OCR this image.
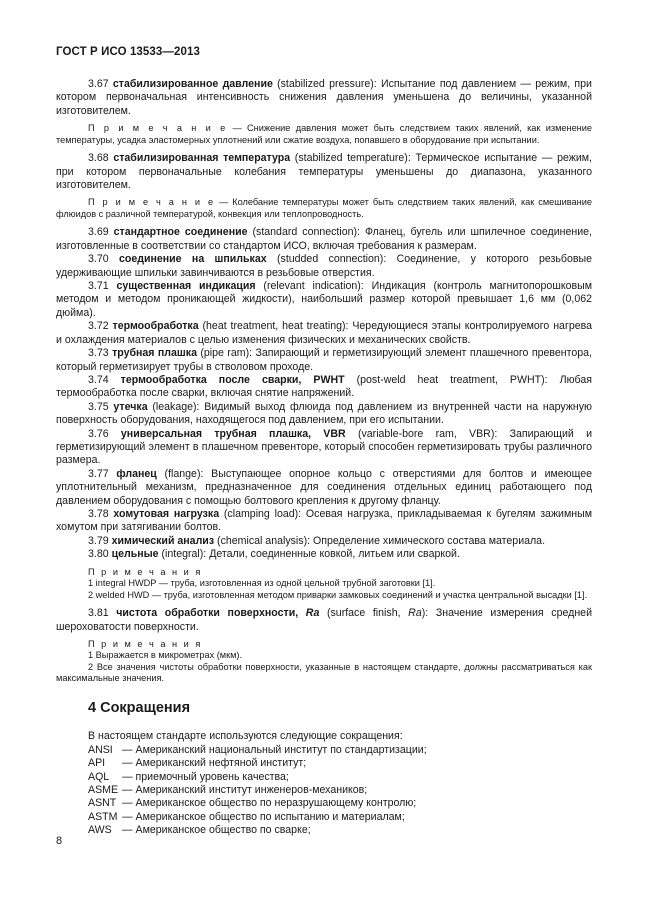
ГОСТ Р ИСО 13533—2013

3.67 стабилизированное давление (stabilized pressure): Испытание под давлением — режим, при котором первоначальная интенсивность снижения давления уменьшена до величины, указанной изготовителем.

П р и м е ч а н и е — Снижение давления может быть следствием таких явлений, как изменение температуры, усадка эластомерных уплотнений или сжатие воздуха, попавшего в оборудование при испытании.

3.68 стабилизированная температура (stabilized temperature): Термическое испытание — режим, при котором первоначальные колебания температуры уменьшены до диапазона, указанного изготовителем.

П р и м е ч а н и е — Колебание температуры может быть следствием таких явлений, как смешивание флюидов с различной температурой, конвекция или теплопроводность.

3.69 стандартное соединение (standard connection): Фланец, бугель или шпилечное соединение, изготовленные в соответствии со стандартом ИСО, включая требования к размерам.

3.70 соединение на шпильках (studded connection): Соединение, у которого резьбовые удерживающие шпильки завинчиваются в резьбовые отверстия.

3.71 существенная индикация (relevant indication): Индикация (контроль магнитопорошковым методом и методом проникающей жидкости), наибольший размер которой превышает 1,6 мм (0,062 дюйма).

3.72 термообработка (heat treatment, heat treating): Чередующиеся этапы контролируемого нагрева и охлаждения материалов с целью изменения физических и механических свойств.

3.73 трубная плашка (pipe ram): Запирающий и герметизирующий элемент плашечного превентора, который герметизирует трубы в стволовом проходе.

3.74 термообработка после сварки, PWHT (post-weld heat treatment, PWHT): Любая термообработка после сварки, включая снятие напряжений.

3.75 утечка (leakage): Видимый выход флюида под давлением из внутренней части на наружную поверхность оборудования, находящегося под давлением, при его испытании.

3.76 универсальная трубная плашка, VBR (variable-bore ram, VBR): Запирающий и герметизирующий элемент в плашечном превенторе, который способен герметизировать трубы различного размера.

3.77 фланец (flange): Выступающее опорное кольцо с отверстиями для болтов и имеющее уплотнительный механизм, предназначенное для соединения отдельных единиц работающего под давлением оборудования с помощью болтового крепления к другому фланцу.

3.78 хомутовая нагрузка (clamping load): Осевая нагрузка, прикладываемая к бугелям зажимным хомутом при затягивании болтов.

3.79 химический анализ (chemical analysis): Определение химического состава материала.

3.80 цельные (integral): Детали, соединенные ковкой, литьем или сваркой.

П р и м е ч а н и я

1 integral HWDP — труба, изготовленная из одной цельной трубной заготовки [1].

2 welded HWD — труба, изготовленная методом приварки замковых соединений и участка центральной высадки [1].

3.81 чистота обработки поверхности, Ra (surface finish, Ra): Значение измерения средней шероховатости поверхности.

П р и м е ч а н и я

1 Выражается в микрометрах (мкм).

2 Все значения чистоты обработки поверхности, указанные в настоящем стандарте, должны рассматриваться как максимальные значения.

4 Сокращения

В настоящем стандарте используются следующие сокращения:

ANSI — Американский национальный институт по стандартизации;
API	— Американский нефтяной институт;
AQL	— приемочный уровень качества;
ASME — Американский институт инженеров-механиков;
ASNT — Американское общество по неразрушающему контролю;
ASTM — Американское общество по испытанию и материалам;
AWS — Американское общество по сварке;
8
